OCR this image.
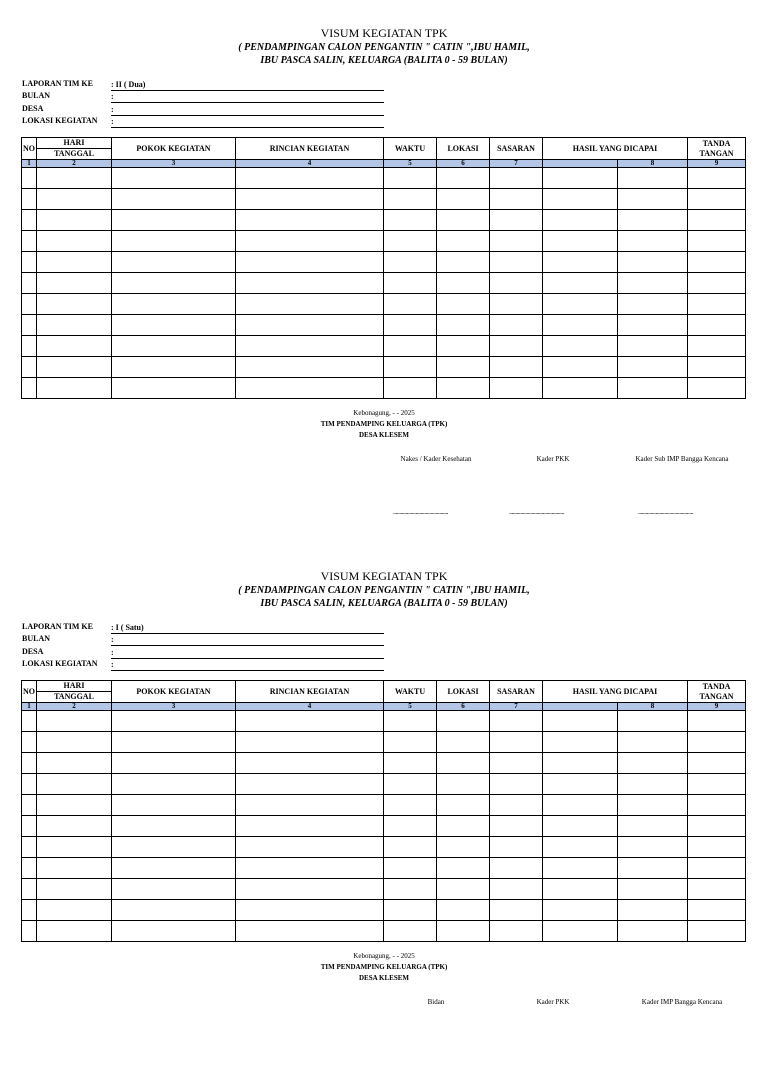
VISUM KEGIATAN TPK
( PENDAMPINGAN CALON PENGANTIN " CATIN ",IBU HAMIL,
IBU PASCA SALIN, KELUARGA (BALITA 0 - 59 BULAN)
LAPORAN TIM KE : II ( Dua)
BULAN	:
DESA	:
LOKASI KEGIATAN :
NO	HARI	POKOK KEGIATAN	RINCIAN KEGIATAN	WAKTU	LOKASI	SASARAN	HASIL YANG DICAPAI		TANDA
TANGAN

	TANGGAL								
1	2	3	4	5	6	7		8	9

Kebonagung, - - 2025
TIM PENDAMPING KELUARGA (TPK)
DESA KLESEM
Nakes / Kader Kesehatan	Kader PKK	Kader Sub IMP Bangga Kencana
............................................	............................................	............................................
VISUM KEGIATAN TPK
( PENDAMPINGAN CALON PENGANTIN " CATIN ",IBU HAMIL,
IBU PASCA SALIN, KELUARGA (BALITA 0 - 59 BULAN)
LAPORAN TIM KE : I ( Satu)
BULAN	:
DESA	:
LOKASI KEGIATAN :
NO	HARI	POKOK KEGIATAN	RINCIAN KEGIATAN	WAKTU	LOKASI	SASARAN	HASIL YANG DICAPAI		TANDA
TANGAN

	TANGGAL								
1	2	3	4	5	6	7		8	9

Kebonagung, - - 2025
TIM PENDAMPING KELUARGA (TPK)
DESA KLESEM
Bidan	Kader PKK	Kader IMP Bangga Kencana
